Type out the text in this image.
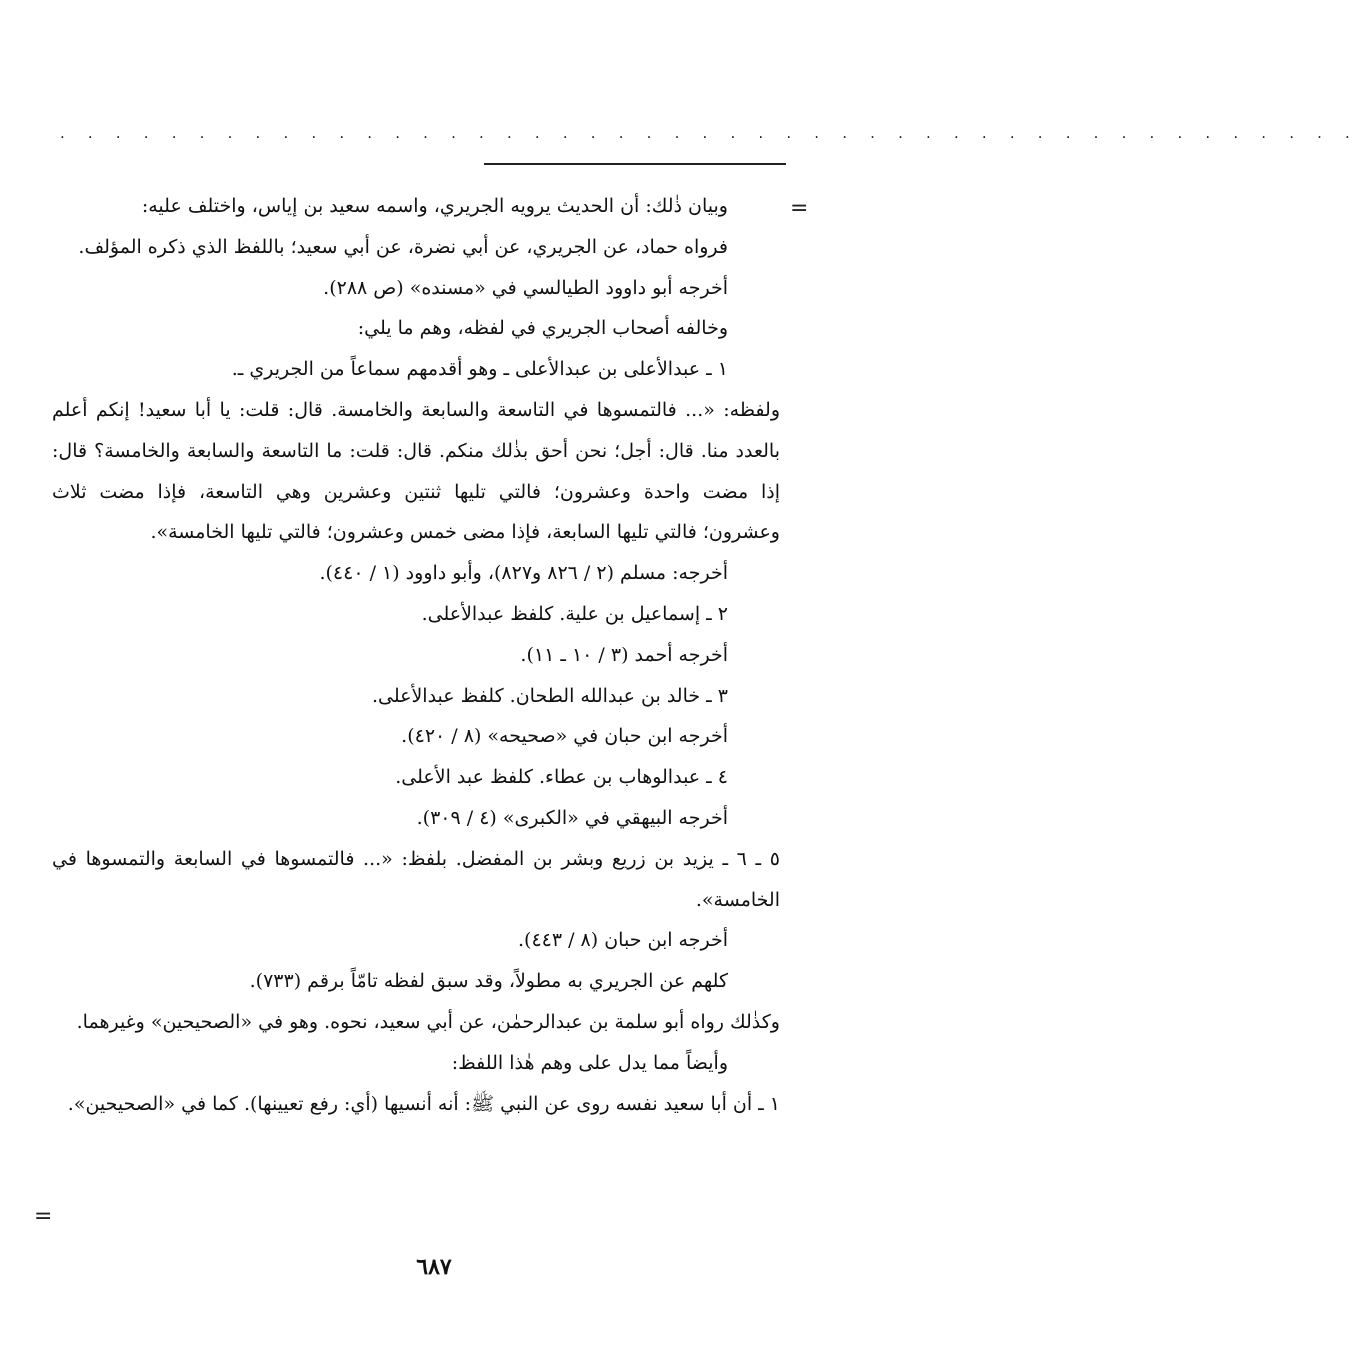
. . . . . . . . . . . . . . . . . . . . . . . . . . . . . . . . . . . . . . . . . . . . . . .
=
=

وبيان ذٰلك: أن الحديث يرويه الجريري، واسمه سعيد بن إياس، واختلف عليه:

فرواه حماد، عن الجريري، عن أبي نضرة، عن أبي سعيد؛ باللفظ الذي ذكره المؤلف.

أخرجه أبو داوود الطيالسي في «مسنده» (ص ٢٨٨).

وخالفه أصحاب الجريري في لفظه، وهم ما يلي:

١ ـ عبدالأعلى بن عبدالأعلى ـ وهو أقدمهم سماعاً من الجريري ـ.

ولفظه: «... فالتمسوها في التاسعة والسابعة والخامسة. قال: قلت: يا أبا سعيد! إنكم أعلم بالعدد منا. قال: أجل؛ نحن أحق بذٰلك منكم. قال: قلت: ما التاسعة والسابعة والخامسة؟ قال: إذا مضت واحدة وعشرون؛ فالتي تليها ثنتين وعشرين وهي التاسعة، فإذا مضت ثلاث وعشرون؛ فالتي تليها السابعة، فإذا مضى خمس وعشرون؛ فالتي تليها الخامسة».

أخرجه: مسلم (٢ / ٨٢٦ و٨٢٧)، وأبو داوود (١ / ٤٤٠).

٢ ـ إسماعيل بن علية. كلفظ عبدالأعلى.

أخرجه أحمد (٣ / ١٠ ـ ١١).

٣ ـ خالد بن عبدالله الطحان. كلفظ عبدالأعلى.

أخرجه ابن حبان في «صحيحه» (٨ / ٤٢٠).

٤ ـ عبدالوهاب بن عطاء. كلفظ عبد الأعلى.

أخرجه البيهقي في «الكبرى» (٤ / ٣٠٩).

٥ ـ ٦ ـ يزيد بن زريع وبشر بن المفضل. بلفظ: «... فالتمسوها في السابعة والتمسوها في الخامسة».

أخرجه ابن حبان (٨ / ٤٤٣).

كلهم عن الجريري به مطولاً، وقد سبق لفظه تامّاً برقم (٧٣٣).

وكذٰلك رواه أبو سلمة بن عبدالرحمٰن، عن أبي سعيد، نحوه. وهو في «الصحيحين» وغيرهما.

وأيضاً مما يدل على وهم هٰذا اللفظ:

١ ـ أن أبا سعيد نفسه روى عن النبي ﷺ: أنه أنسيها (أي: رفع تعيينها). كما في «الصحيحين».

٦٨٧
